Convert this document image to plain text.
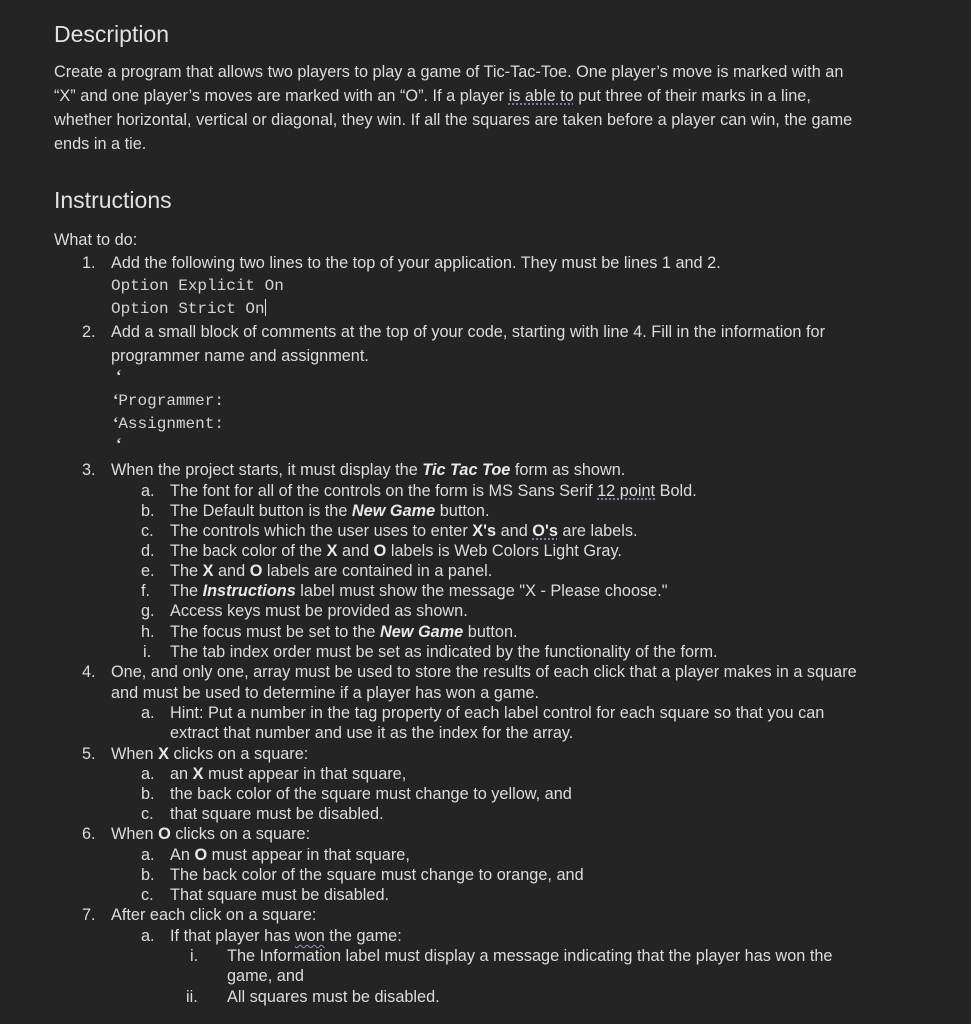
Description
Create a program that allows two players to play a game of Tic-Tac-Toe. One player’s move is marked with an
“X” and one player’s moves are marked with an “O”. If a player is able to put three of their marks in a line,
whether horizontal, vertical or diagonal, they win. If all the squares are taken before a player can win, the game
ends in a tie.
Instructions
What to do:
1. Add the following two lines to the top of your application. They must be lines 1 and 2.
Option Explicit On
Option Strict On
2. Add a small block of comments at the top of your code, starting with line 4. Fill in the information for
programmer name and assignment.
‘
‘Programmer:
‘Assignment:
‘
3. When the project starts, it must display the Tic Tac Toe form as shown.
a. The font for all of the controls on the form is MS Sans Serif 12 point Bold.
b. The Default button is the New Game button.
c. The controls which the user uses to enter X's and O's are labels.
d. The back color of the X and O labels is Web Colors Light Gray.
e. The X and O labels are contained in a panel.
f. The Instructions label must show the message "X - Please choose."
g. Access keys must be provided as shown.
h. The focus must be set to the New Game button.
i. The tab index order must be set as indicated by the functionality of the form.
4. One, and only one, array must be used to store the results of each click that a player makes in a square
and must be used to determine if a player has won a game.
a. Hint: Put a number in the tag property of each label control for each square so that you can
extract that number and use it as the index for the array.
5. When X clicks on a square:
a. an X must appear in that square,
b. the back color of the square must change to yellow, and
c. that square must be disabled.
6. When O clicks on a square:
a. An O must appear in that square,
b. The back color of the square must change to orange, and
c. That square must be disabled.
7. After each click on a square:
a. If that player has won the game:
i. The Information label must display a message indicating that the player has won the
game, and
ii. All squares must be disabled.
